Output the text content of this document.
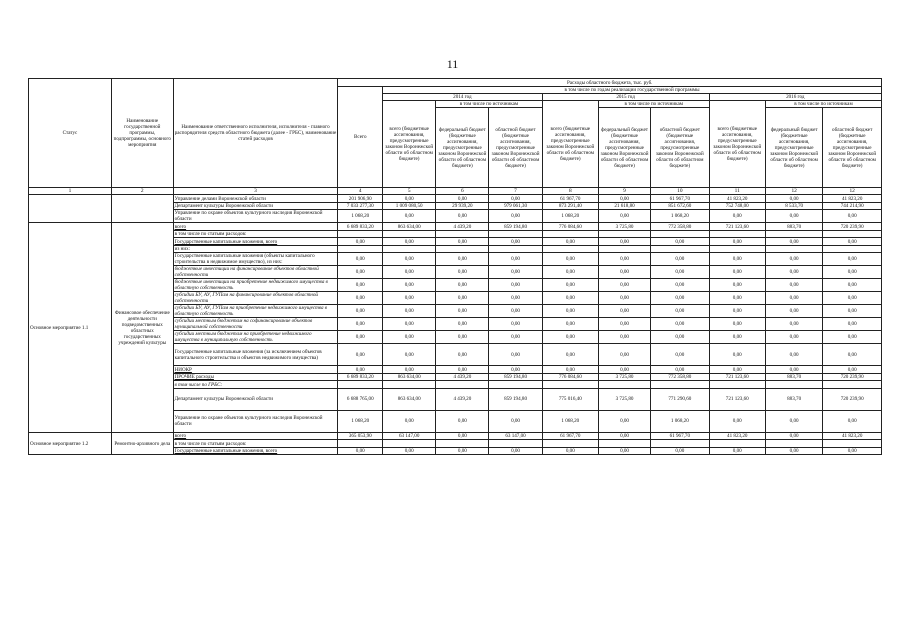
11
Статус	Наименование государственной программы, подпрограммы, основного мероприятия	Наименование ответственного исполнителя, исполнителя - главного распорядителя средств областного бюджета (далее - ГРБС), наименование статей расходов	Расходы областного бюджета, тыс. руб.									
			Всего	в том числе по годам реализации государственной программы								
				2014 год			2015 год			2016 год		
				всего (бюджетные ассигнования, предусмотренные законом Воронежской области об областном бюджете)	в том числе по источникам		всего (бюджетные ассигнования, предусмотренные законом Воронежской области об областном бюджете)	в том числе по источникам		всего (бюджетные ассигнования, предусмотренные законом Воронежской области об областном бюджете)	в том числе по источникам	
					федеральный бюджет (бюджетные ассигнования, предусмотренные законом Воронежской области об областном бюджете)	областной бюджет (бюджетные ассигнования, предусмотренные законом Воронежской области об областном бюджете)		федеральный бюджет (бюджетные ассигнования, предусмотренные законом Воронежской области об областном бюджете)	областной бюджет (бюджетные ассигнования, предусмотренные законом Воронежской области об областном бюджете)		федеральный бюджет (бюджетные ассигнования, предусмотренные законом Воронежской области об областном бюджете)	областной бюджет (бюджетные ассигнования, предусмотренные законом Воронежской области об областном бюджете)
1	2	3	4	5	6	7	8	9	10	11	12	12
		Управление делами Воронежской области	201 906,90	0,00	0,00	0,00	61 967,70	0,00	61 967,70	41 823,20	0,00	41 823,20
		Департамент культуры Воронежской области	7 033 277,30	1 009 080,50	29 939,20	979 061,30	873 291,40	21 618,80	851 672,60	752 748,00	8 533,70	744 214,90
		Управление по охране объектов культурного наследия Воронежской области	1 068,20	0,00	0,00	0,00	1 068,20	0,00	1 068,20	0,00	0,00	0,00
Основное мероприятие 1.1	Финансовое обеспечение деятельности подведомственных областных государственных учреждений культуры	всего	6 689 833,20	863 634,00	4 439,20	859 194,80	776 084,60	3 725,80	772 358,80	721 123,60	883,70	720 239,90
		в том числе по статьям расходов:										
		Государственные капитальные вложения, всего	0,00	0,00	0,00	0,00	0,00	0,00	0,00	0,00	0,00	0,00
		из них:										
		Государственные капитальные вложения (объекты капитального строительства в недвижимое имущество), из них:	0,00	0,00	0,00	0,00	0,00	0,00	0,00	0,00	0,00	0,00
		бюджетные инвестиции на финансирование объектов областной собственности	0,00	0,00	0,00	0,00	0,00	0,00	0,00	0,00	0,00	0,00
		бюджетные инвестиции на приобретение недвижимого имущества в областную собственность	0,00	0,00	0,00	0,00	0,00	0,00	0,00	0,00	0,00	0,00
		субсидии БУ, АУ, ГУПам на финансирование объектов областной собственности	0,00	0,00	0,00	0,00	0,00	0,00	0,00	0,00	0,00	0,00
		субсидии БУ, АУ, ГУПам на приобретение недвижимого имущества в областную собственность	0,00	0,00	0,00	0,00	0,00	0,00	0,00	0,00	0,00	0,00
		субсидии местным бюджетам на софинансирование объектов муниципальной собственности	0,00	0,00	0,00	0,00	0,00	0,00	0,00	0,00	0,00	0,00
		субсидии местным бюджетам на приобретение недвижимого имущества в муниципальную собственность	0,00	0,00	0,00	0,00	0,00	0,00	0,00	0,00	0,00	0,00
		Государственные капитальные вложения (за исключением объектов капитального строительства и объектов недвижимого имущества)	0,00	0,00	0,00	0,00	0,00	0,00	0,00	0,00	0,00	0,00
		НИОКР	0,00	0,00	0,00	0,00	0,00	0,00	0,00	0,00	0,00	0,00
		ПРОЧИЕ расходы	6 689 833,20	863 634,00	4 439,20	859 194,80	776 084,60	3 725,80	772 358,80	721 123,60	883,70	720 239,90
		в том числе по ГРБС:										
		Департамент культуры Воронежской области	6 688 765,00	863 634,00	4 439,20	859 194,80	775 016,40	3 725,80	771 290,60	721 123,60	883,70	720 239,90
		Управление по охране объектов культурного наследия Воронежской области	1 068,20	0,00	0,00	0,00	1 068,20	0,00	1 068,20	0,00	0,00	0,00
Основное мероприятие 1.2	Ремонтно-архивного дела	всего	365 053,90	63 147,00	0,00	63 147,00	61 967,70	0,00	61 967,70	41 823,20	0,00	41 823,20
		в том числе по статьям расходов:										
		Государственные капитальные вложения, всего	0,00	0,00	0,00	0,00	0,00	0,00	0,00	0,00	0,00	0,00
